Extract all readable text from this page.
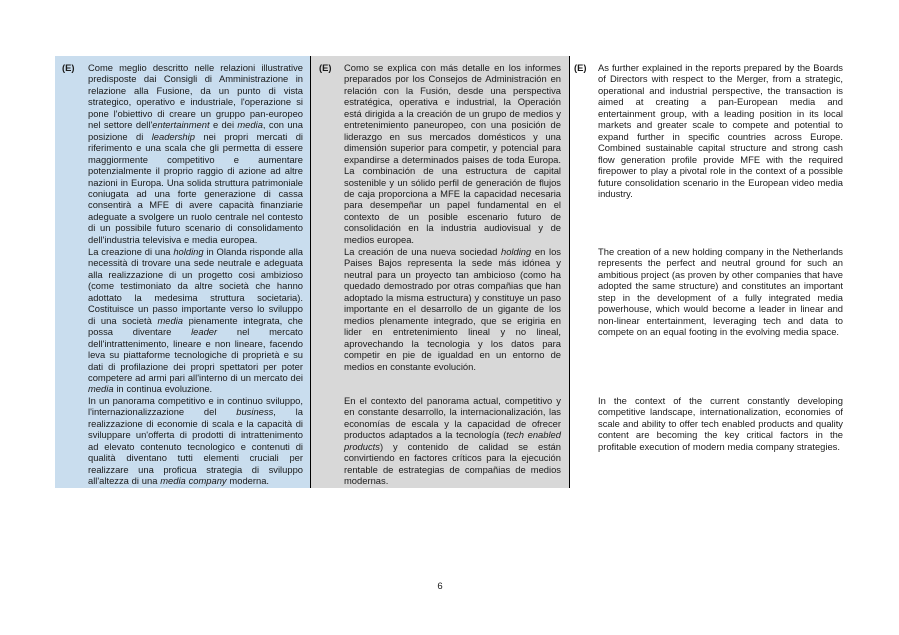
(E) Come meglio descritto nelle relazioni illustrative predisposte dai Consigli di Amministrazione in relazione alla Fusione, da un punto di vista strategico, operativo e industriale, l'operazione si pone l'obiettivo di creare un gruppo pan-europeo nel settore dell'entertainment e dei media, con una posizione di leadership nei propri mercati di riferimento e una scala che gli permetta di essere maggiormente competitivo e aumentare potenzialmente il proprio raggio di azione ad altre nazioni in Europa. Una solida struttura patrimoniale coniugata ad una forte generazione di cassa consentirà a MFE di avere capacità finanziarie adeguate a svolgere un ruolo centrale nel contesto di un possibile futuro scenario di consolidamento dell'industria televisiva e media europea.

La creazione di una holding in Olanda risponde alla necessità di trovare una sede neutrale e adeguata alla realizzazione di un progetto cosi ambizioso (come testimoniato da altre società che hanno adottato la medesima struttura societaria). Costituisce un passo importante verso lo sviluppo di una società media pienamente integrata, che possa diventare leader nel mercato dell'intrattenimento, lineare e non lineare, facendo leva su piattaforme tecnologiche di proprietà e su dati di profilazione dei propri spettatori per poter competere ad armi pari all'interno di un mercato dei media in continua evoluzione.

In un panorama competitivo e in continuo sviluppo, l'internazionalizzazione del business, la realizzazione di economie di scala e la capacità di sviluppare un'offerta di prodotti di intrattenimento ad elevato contenuto tecnologico e contenuti di qualità diventano tutti elementi cruciali per realizzare una proficua strategia di sviluppo all'altezza di una media company moderna.

(E) Como se explica con más detalle en los informes preparados por los Consejos de Administración en relación con la Fusión, desde una perspectiva estratégica, operativa e industrial, la Operación está dirigida a la creación de un grupo de medios y entretenimiento paneuropeo, con una posición de liderazgo en sus mercados domésticos y una dimensión superior para competir, y potencial para expandirse a determinados paises de toda Europa. La combinación de una estructura de capital sostenible y un sólido perfil de generación de flujos de caja proporciona a MFE la capacidad necesaria para desempeñar un papel fundamental en el contexto de un posible escenario futuro de consolidación en la industria audiovisual y de medios europea.

La creación de una nueva sociedad holding en los Paises Bajos representa la sede más idónea y neutral para un proyecto tan ambicioso (como ha quedado demostrado por otras compañias que han adoptado la misma estructura) y constituye un paso importante en el desarrollo de un gigante de los medios plenamente integrado, que se erigiria en lider en entretenimiento lineal y no lineal, aprovechando la tecnologia y los datos para competir en pie de igualdad en un entorno de medios en constante evolución.

En el contexto del panorama actual, competitivo y en constante desarrollo, la internacionalización, las economías de escala y la capacidad de ofrecer productos adaptados a la tecnología (tech enabled products) y contenido de calidad se están convirtiendo en factores críticos para la ejecución rentable de estrategias de compañias de medios modernas.

(E) As further explained in the reports prepared by the Boards of Directors with respect to the Merger, from a strategic, operational and industrial perspective, the transaction is aimed at creating a pan-European media and entertainment group, with a leading position in its local markets and greater scale to compete and potential to expand further in specific countries across Europe. Combined sustainable capital structure and strong cash flow generation profile provide MFE with the required firepower to play a pivotal role in the context of a possible future consolidation scenario in the European video media industry.

The creation of a new holding company in the Netherlands represents the perfect and neutral ground for such an ambitious project (as proven by other companies that have adopted the same structure) and constitutes an important step in the development of a fully integrated media powerhouse, which would become a leader in linear and non-linear entertainment, leveraging tech and data to compete on an equal footing in the evolving media space.

In the context of the current constantly developing competitive landscape, internationalization, economies of scale and ability to offer tech enabled products and quality content are becoming the key critical factors in the profitable execution of modern media company strategies.

6
